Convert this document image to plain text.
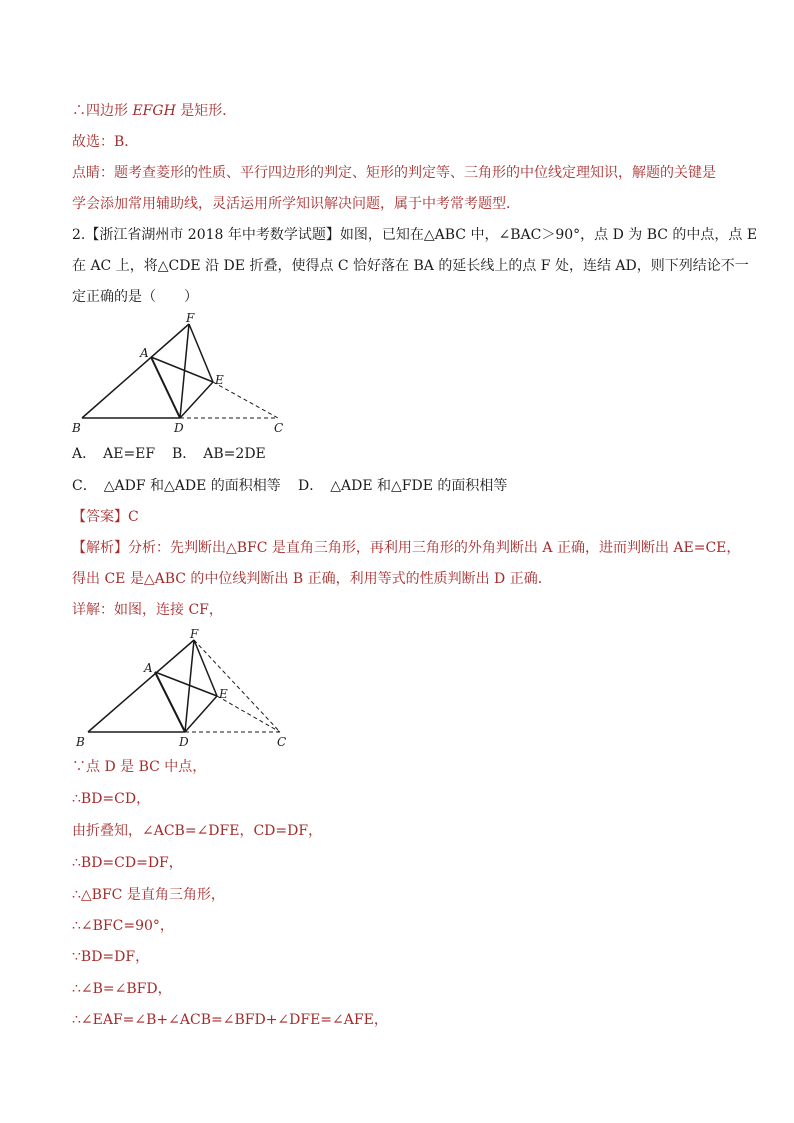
∴四边形 EFGH 是矩形．
故选：B．
点睛：题考查菱形的性质、平行四边形的判定、矩形的判定等、三角形的中位线定理知识，解题的关键是
学会添加常用辅助线，灵活运用所学知识解决问题，属于中考常考题型．
2.【浙江省湖州市 2018 年中考数学试题】如图，已知在△ABC 中，∠BAC＞90°，点 D 为 BC 的中点，点 E
在 AC 上，将△CDE 沿 DE 折叠，使得点 C 恰好落在 BA 的延长线上的点 F 处，连结 AD，则下列结论不一
定正确的是（　　）
F
A
E
B	D	C
A．　AE=EF B．　AB=2DE
C．　△ADF 和△ADE 的面积相等 D．　△ADE 和△FDE 的面积相等
【答案】C
【解析】分析：先判断出△BFC 是直角三角形，再利用三角形的外角判断出 A 正确，进而判断出 AE=CE，
得出 CE 是△ABC 的中位线判断出 B 正确，利用等式的性质判断出 D 正确．
详解：如图，连接 CF，
F
A
E
B	D	C
∵点 D 是 BC 中点，
∴BD=CD，
由折叠知，∠ACB=∠DFE，CD=DF，
∴BD=CD=DF，
∴△BFC 是直角三角形，
∴∠BFC=90°，
∵BD=DF，
∴∠B=∠BFD，
∴∠EAF=∠B+∠ACB=∠BFD+∠DFE=∠AFE，
